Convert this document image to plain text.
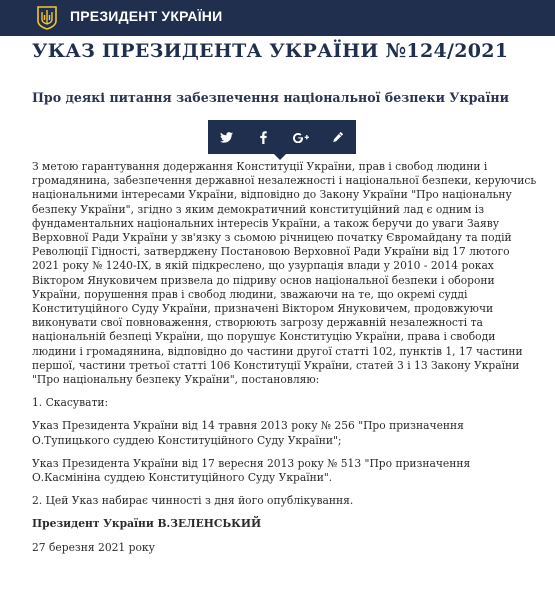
ПРЕЗИДЕНТ УКРАЇНИ
УКАЗ ПРЕЗИДЕНТА УКРАЇНИ №124/2021
Про деякі питання забезпечення національної безпеки України

З метою гарантування додержання Конституції України, прав і свобод людини і громадянина, забезпечення державної незалежності і національної безпеки, керуючись національними інтересами України, відповідно до Закону України "Про національну безпеку України", згідно з яким демократичний конституційний лад є одним із фундаментальних національних інтересів України, а також беручи до уваги Заяву Верховної Ради України у зв'язку з сьомою річницею початку Євромайдану та подій Революції Гідності, затверджену Постановою Верховної Ради України від 17 лютого 2021 року № 1240-IX, в якій підкреслено, що узурпація влади у 2010 - 2014 роках Віктором Януковичем призвела до підриву основ національної безпеки і оборони України, порушення прав і свобод людини, зважаючи на те, що окремі судді Конституційного Суду України, призначені Віктором Януковичем, продовжуючи виконувати свої повноваження, створюють загрозу державній незалежності та національній безпеці України, що порушує Конституцію України, права і свободи людини і громадянина, відповідно до частини другої статті 102, пунктів 1, 17 частини першої, частини третьої статті 106 Конституції України, статей 3 і 13 Закону України "Про національну безпеку України", постановляю:

1. Скасувати:

Указ Президента України від 14 травня 2013 року № 256 "Про призначення О.Тупицького суддею Конституційного Суду України";

Указ Президента України від 17 вересня 2013 року № 513 "Про призначення О.Касмініна суддею Конституційного Суду України".

2. Цей Указ набирає чинності з дня його опублікування.

Президент України В.ЗЕЛЕНСЬКИЙ

27 березня 2021 року
